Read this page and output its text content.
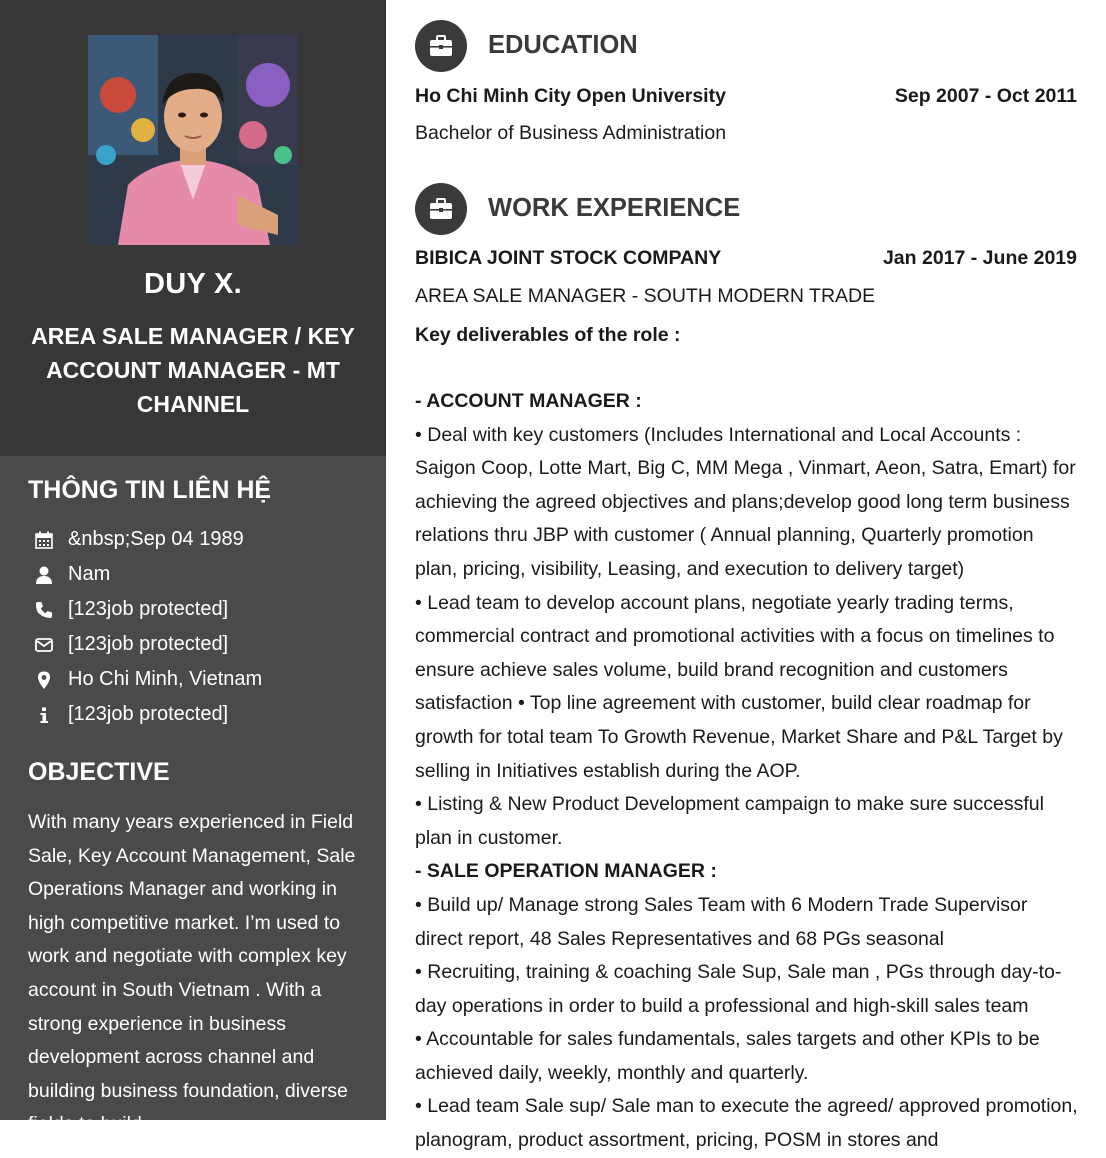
DUY X.
AREA SALE MANAGER / KEY ACCOUNT MANAGER - MT CHANNEL
THÔNG TIN LIÊN HỆ
&nbsp;Sep 04 1989
Nam
[123job protected]
[123job protected]
Ho Chi Minh, Vietnam
[123job protected]
OBJECTIVE

With many years experienced in Field Sale, Key Account Management, Sale Operations Manager and working in high competitive market. I’m used to work and negotiate with complex key account in South Vietnam . With a strong experience in business development across channel and building business foundation, diverse fields to build

EDUCATION
Ho Chi Minh City Open University	Sep 2007 - Oct 2011
Bachelor of Business Administration
WORK EXPERIENCE
BIBICA JOINT STOCK COMPANY	Jan 2017 - June 2019
AREA SALE MANAGER - SOUTH MODERN TRADE
Key deliverables of the role :
- ACCOUNT MANAGER :
• Deal with key customers (Includes International and Local Accounts : Saigon Coop, Lotte Mart, Big C, MM Mega , Vinmart, Aeon, Satra, Emart) for achieving the agreed objectives and plans;develop good long term business relations thru JBP with customer ( Annual planning, Quarterly promotion plan, pricing, visibility, Leasing, and execution to delivery target)
• Lead team to develop account plans, negotiate yearly trading terms, commercial contract and promotional activities with a focus on timelines to ensure achieve sales volume, build brand recognition and customers satisfaction • Top line agreement with customer, build clear roadmap for growth for total team To Growth Revenue, Market Share and P&L Target by selling in Initiatives establish during the AOP.
• Listing & New Product Development campaign to make sure successful plan in customer.
- SALE OPERATION MANAGER :
• Build up/ Manage strong Sales Team with 6 Modern Trade Supervisor direct report, 48 Sales Representatives and 68 PGs seasonal
• Recruiting, training & coaching Sale Sup, Sale man , PGs through day-to-day operations in order to build a professional and high-skill sales team
• Accountable for sales fundamentals, sales targets and other KPIs to be achieved daily, weekly, monthly and quarterly.
• Lead team Sale sup/ Sale man to execute the agreed/ approved promotion, planogram, product assortment, pricing, POSM in stores and
